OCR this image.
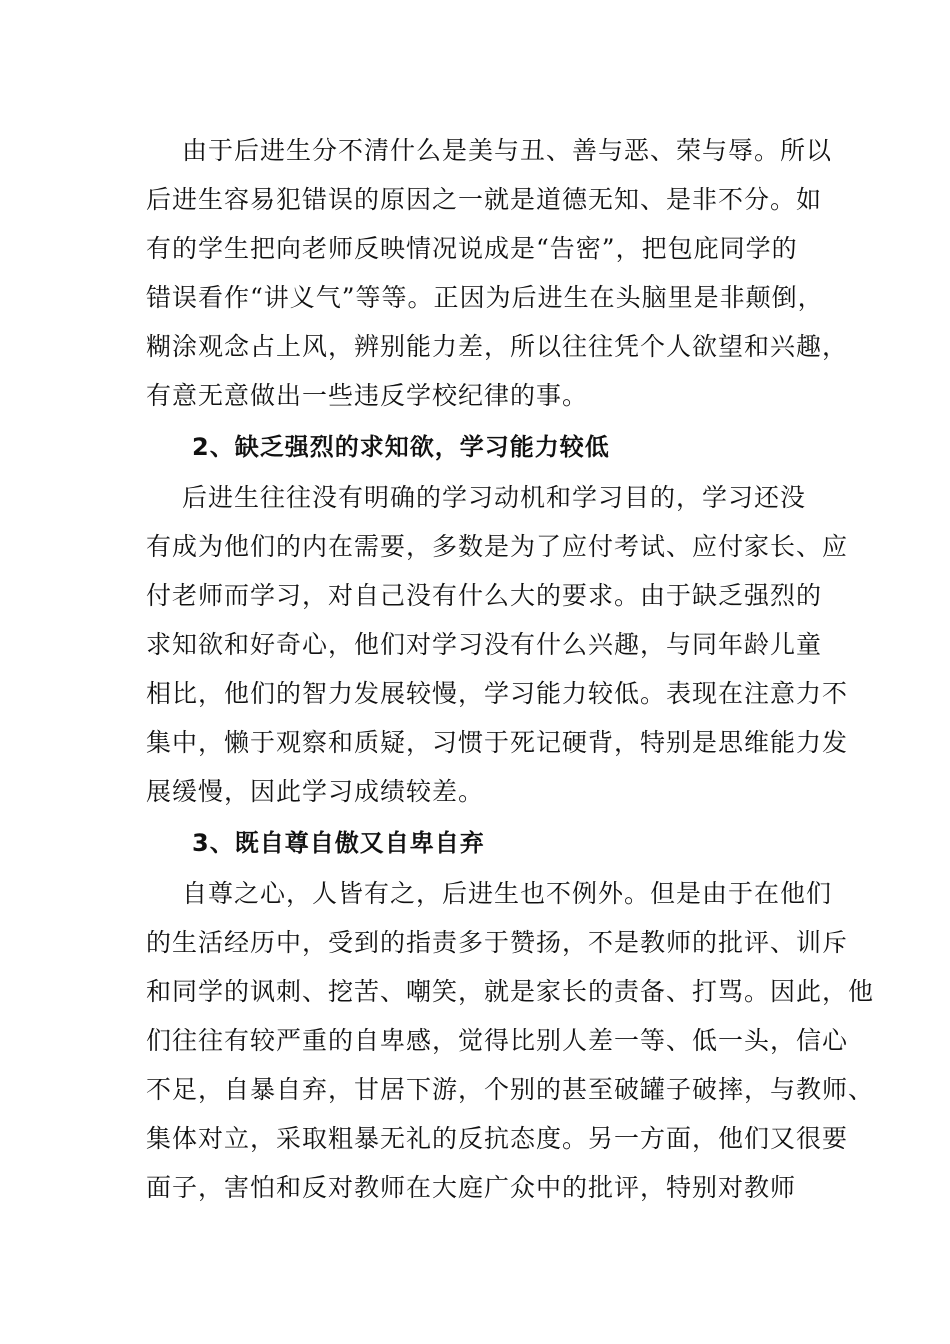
由于后进生分不清什么是美与丑、善与恶、荣与辱。所以
后进生容易犯错误的原因之一就是道德无知、是非不分。如
有的学生把向老师反映情况说成是“告密”，把包庇同学的
错误看作“讲义气”等等。正因为后进生在头脑里是非颠倒，
糊涂观念占上风，辨别能力差，所以往往凭个人欲望和兴趣，
有意无意做出一些违反学校纪律的事。
2、缺乏强烈的求知欲，学习能力较低
后进生往往没有明确的学习动机和学习目的，学习还没
有成为他们的内在需要，多数是为了应付考试、应付家长、应
付老师而学习，对自己没有什么大的要求。由于缺乏强烈的
求知欲和好奇心，他们对学习没有什么兴趣，与同年龄儿童
相比，他们的智力发展较慢，学习能力较低。表现在注意力不
集中，懒于观察和质疑，习惯于死记硬背，特别是思维能力发
展缓慢，因此学习成绩较差。
3、既自尊自傲又自卑自弃
自尊之心，人皆有之，后进生也不例外。但是由于在他们
的生活经历中，受到的指责多于赞扬，不是教师的批评、训斥
和同学的讽刺、挖苦、嘲笑，就是家长的责备、打骂。因此，他
们往往有较严重的自卑感，觉得比别人差一等、低一头，信心
不足，自暴自弃，甘居下游，个别的甚至破罐子破摔，与教师、
集体对立，采取粗暴无礼的反抗态度。另一方面，他们又很要
面子，害怕和反对教师在大庭广众中的批评，特别对教师
